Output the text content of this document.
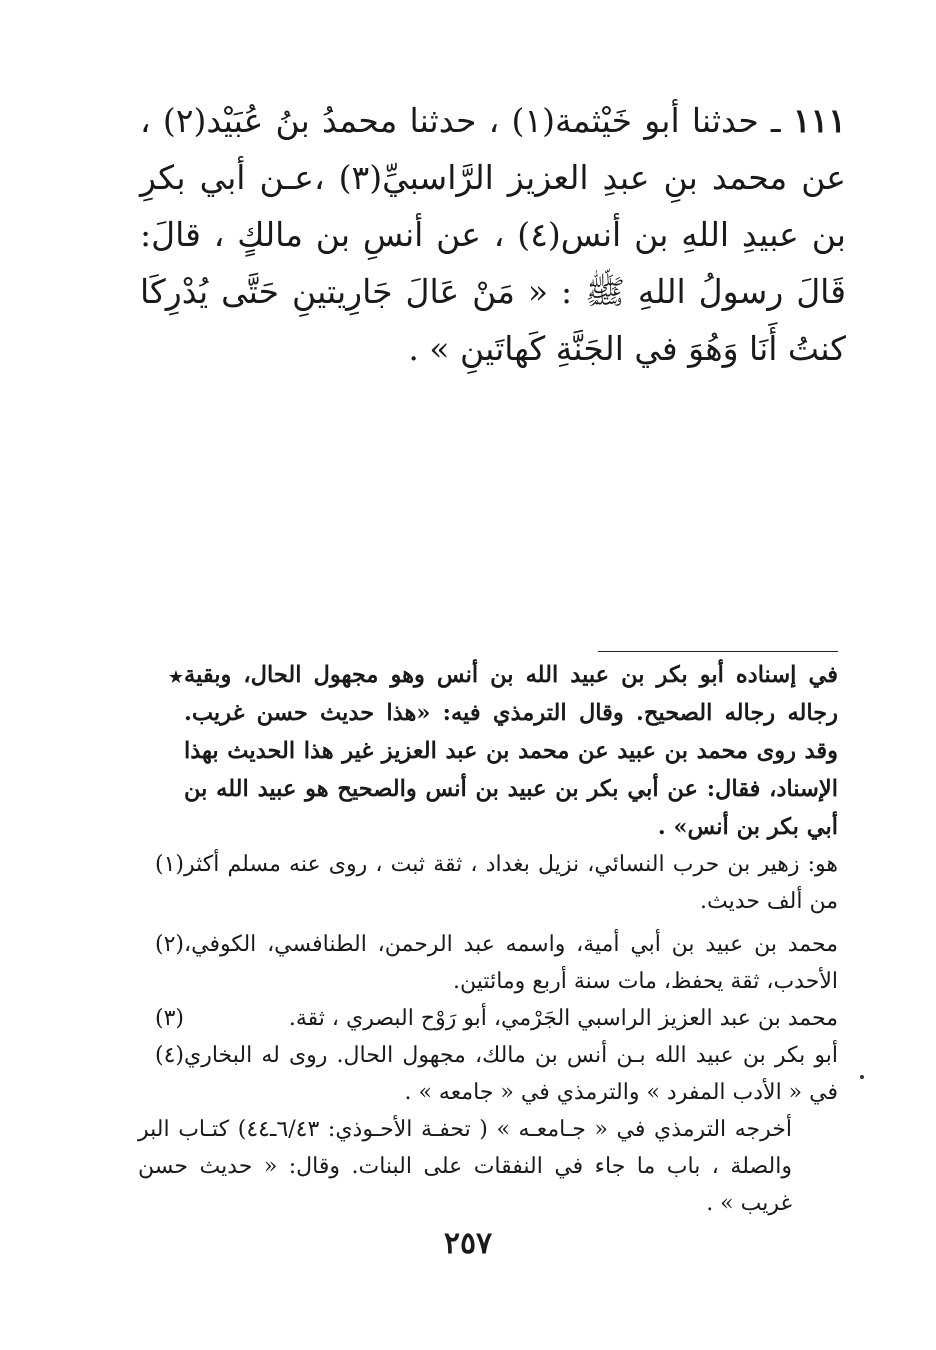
١١١ ـ حدثنا أبو خَيْثمة(١) ، حدثنا محمدُ بنُ عُبَيْد(٢) ، عن محمد بنِ عبدِ العزيز الرَّاسبيِّ(٣) ،عـن أبي بكرِ بن عبيدِ اللهِ بن أنس(٤) ، عن أنسِ بن مالكٍ ، قالَ: قَالَ رسولُ اللهِ ﷺ : « مَنْ عَالَ جَارِيتينِ حَتَّى يُدْرِكَا كنتُ أَنَا وَهُوَ في الجَنَّةِ كَهاتَينِ » .
★ في إسناده أبو بكر بن عبيد الله بن أنس وهو مجهول الحال، وبقية رجاله رجاله الصحيح. وقال الترمذي فيه: «هذا حديث حسن غريب. وقد روى محمد بن عبيد عن محمد بن عبد العزيز غير هذا الحديث بهذا الإسناد، فقال: عن أبي بكر بن عبيد بن أنس والصحيح هو عبيد الله بن أبي بكر بن أنس» .
(١) هو: زهير بن حرب النسائي، نزيل بغداد ، ثقة ثبت ، روى عنه مسلم أكثر من ألف حديث.
(٢) محمد بن عبيد بن أبي أمية، واسمه عبد الرحمن، الطنافسي، الكوفي، الأحدب، ثقة يحفظ، مات سنة أربع ومائتين.
(٣)	محمد بن عبد العزيز الراسبي الجَرْمي، أبو رَوْح البصري ، ثقة.
(٤) أبو بكر بن عبيد الله بـن أنس بن مالك، مجهول الحال. روى له البخاري في « الأدب المفرد » والترمذي في « جامعه » .
أخرجه الترمذي في « جـامعـه » ( تحفـة الأحـوذي: ٦/٤٣ـ٤٤) كتـاب البر والصلة ، باب ما جاء في النفقات على البنات. وقال: « حديث حسن غريب » .
٢٥٧
